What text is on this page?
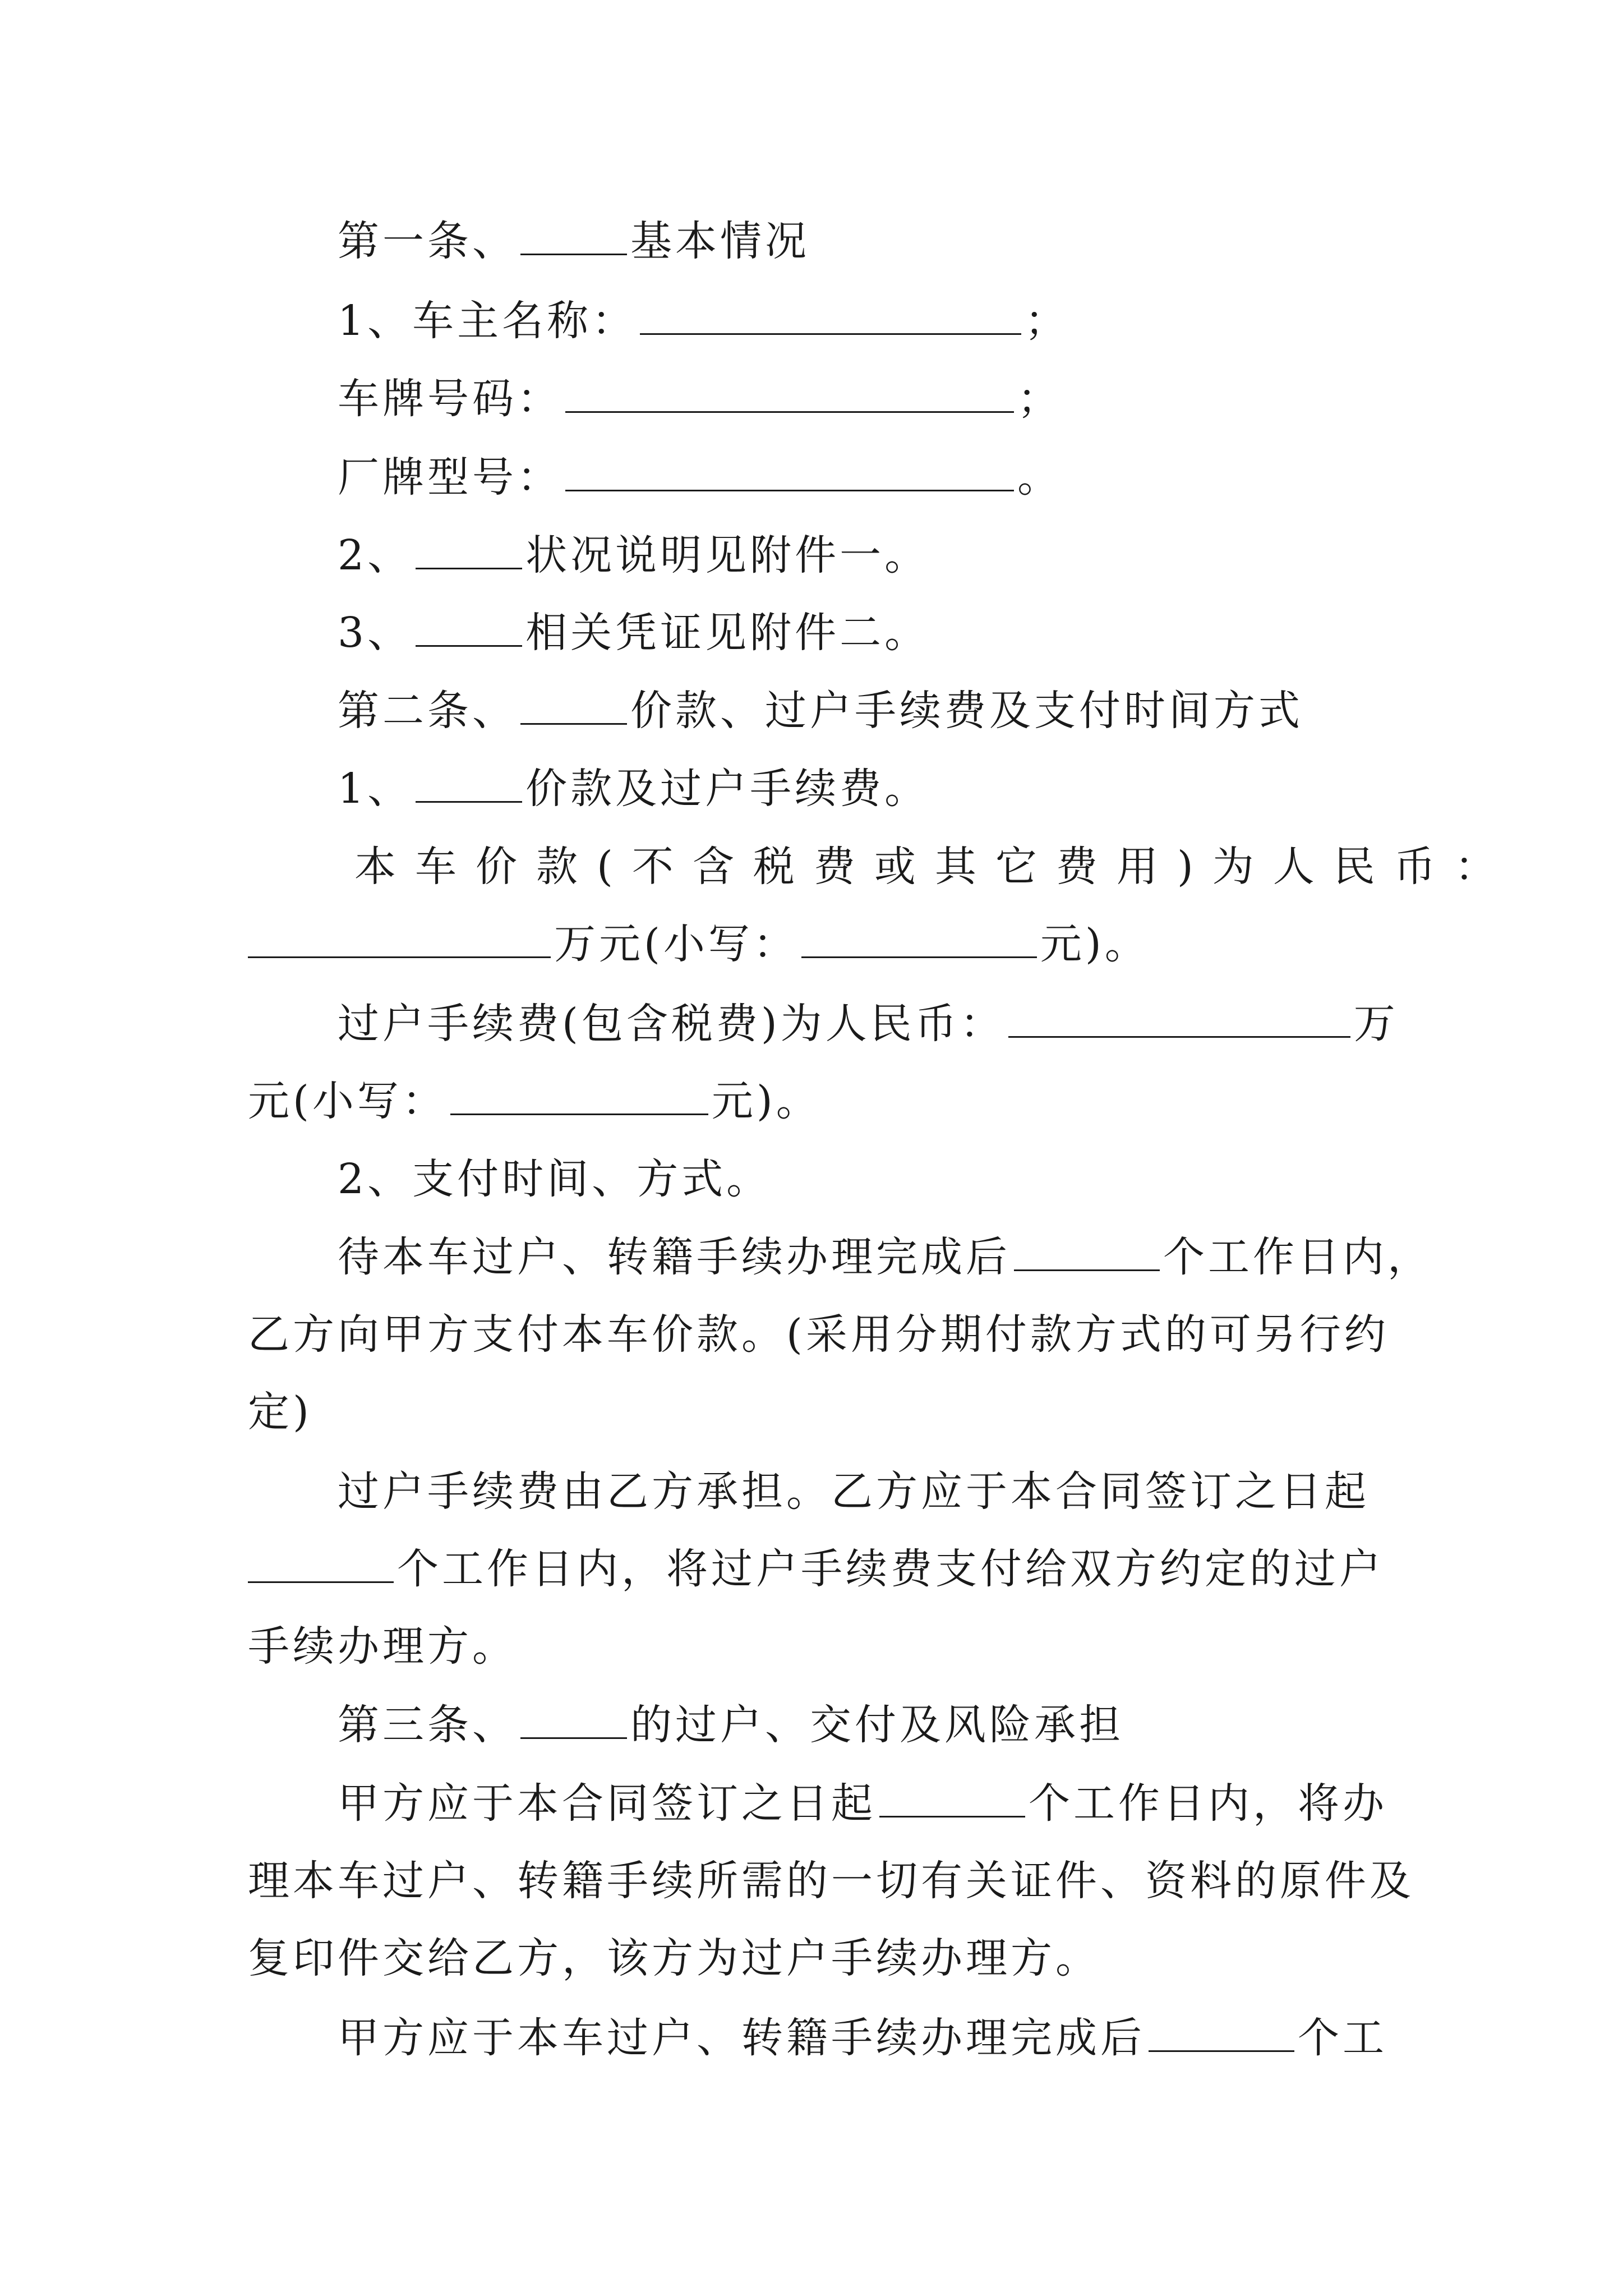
第一条、	基本情况
1、车主名称：	；
车牌号码：	；
厂牌型号：	。
2、	状况说明见附件一。
3、	相关凭证见附件二。
第二条、	价款、过户手续费及支付时间方式
1、	价款及过户手续费。
本车价款(不含税费或其它费用)为人民币：
万元(小写：	元)。
过户手续费(包含税费)为人民币：	万
元(小写：	元)。
2、支付时间、方式。
待本车过户、转籍手续办理完成后	个工作日内，
乙方向甲方支付本车价款。(采用分期付款方式的可另行约
定)
过户手续费由乙方承担。乙方应于本合同签订之日起
个工作日内，将过户手续费支付给双方约定的过户
手续办理方。
第三条、	的过户、交付及风险承担
甲方应于本合同签订之日起	个工作日内，将办
理本车过户、转籍手续所需的一切有关证件、资料的原件及
复印件交给乙方，该方为过户手续办理方。
甲方应于本车过户、转籍手续办理完成后	个工
